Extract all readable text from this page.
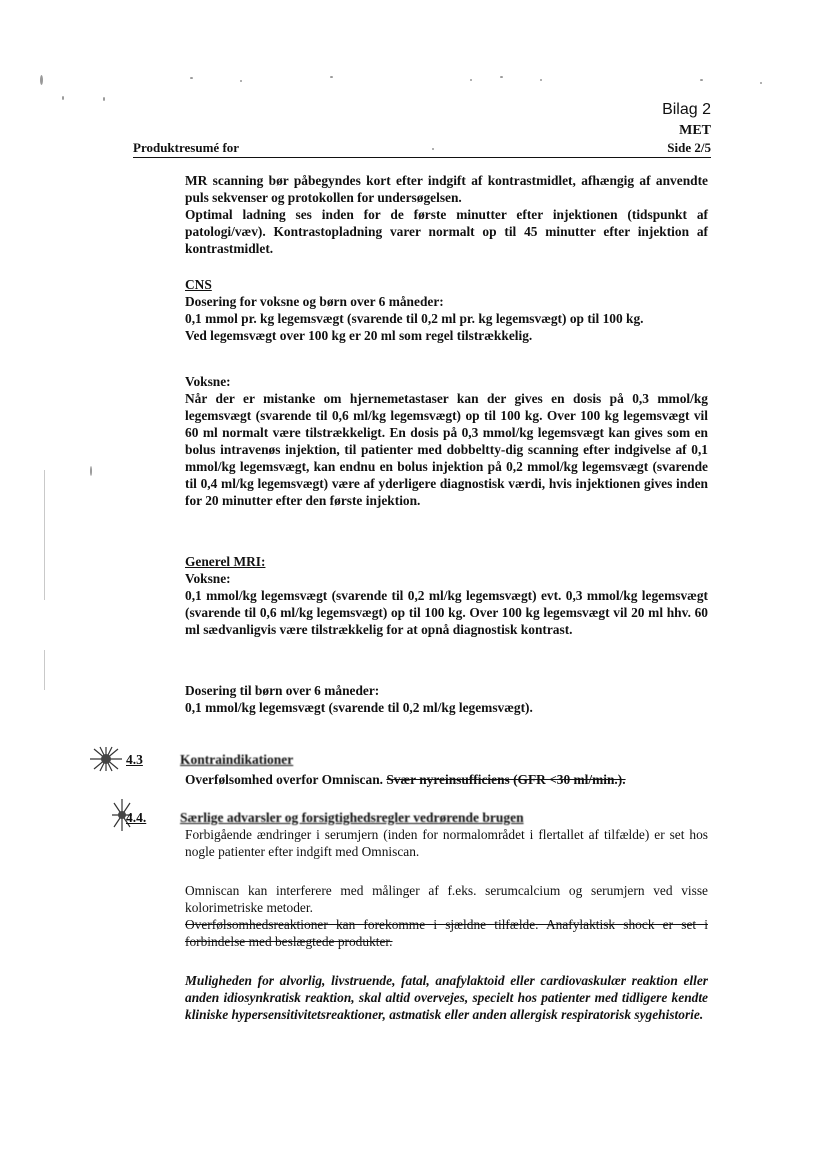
Bilag 2
MET
Produktresumé for	Side 2/5

MR scanning bør påbegyndes kort efter indgift af kontrastmidlet, afhængig af anvendte puls sekvenser og protokollen for undersøgelsen.

Optimal ladning ses inden for de første minutter efter injektionen (tidspunkt af patologi/væv). Kontrastopladning varer normalt op til 45 minutter efter injektion af kontrastmidlet.

CNS

Dosering for voksne og børn over 6 måneder:

0,1 mmol pr. kg legemsvægt (svarende til 0,2 ml pr. kg legemsvægt) op til 100 kg.

Ved legemsvægt over 100 kg er 20 ml som regel tilstrækkelig.

Voksne:

Når der er mistanke om hjernemetastaser kan der gives en dosis på 0,3 mmol/kg legemsvægt (svarende til 0,6 ml/kg legemsvægt) op til 100 kg. Over 100 kg legemsvægt vil 60 ml normalt være tilstrækkeligt. En dosis på 0,3 mmol/kg legemsvægt kan gives som en bolus intravenøs injektion, til patienter med dobbeltty-dig scanning efter indgivelse af 0,1 mmol/kg legemsvægt, kan endnu en bolus injektion på 0,2 mmol/kg legemsvægt (svarende til 0,4 ml/kg legemsvægt) være af yderligere diagnostisk værdi, hvis injektionen gives inden for 20 minutter efter den første injektion.

Generel MRI:

Voksne:

0,1 mmol/kg legemsvægt (svarende til 0,2 ml/kg legemsvægt) evt. 0,3 mmol/kg legemsvægt (svarende til 0,6 ml/kg legemsvægt) op til 100 kg. Over 100 kg legemsvægt vil 20 ml hhv. 60 ml sædvanligvis være tilstrækkelig for at opnå diagnostisk kontrast.

Dosering til børn over 6 måneder:

0,1 mmol/kg legemsvægt (svarende til 0,2 ml/kg legemsvægt).

4.3	Kontraindikationer

Overfølsomhed overfor Omniscan. Svær nyreinsufficiens (GFR <30 ml/min.).

4.4.	Særlige advarsler og forsigtighedsregler vedrørende brugen

Forbigående ændringer i serumjern (inden for normalområdet i flertallet af tilfælde) er set hos nogle patienter efter indgift med Omniscan.

Omniscan kan interferere med målinger af f.eks. serumcalcium og serumjern ved visse kolorimetriske metoder.

Overfølsomhedsreaktioner kan forekomme i sjældne tilfælde. Anafylaktisk shock er set i forbindelse med beslægtede produkter.

Muligheden for alvorlig, livstruende, fatal, anafylaktoid eller cardiovaskulær reaktion eller anden idiosynkratisk reaktion, skal altid overvejes, specielt hos patienter med tidligere kendte kliniske hypersensitivitetsreaktioner, astmatisk eller anden allergisk respiratorisk sygehistorie.
